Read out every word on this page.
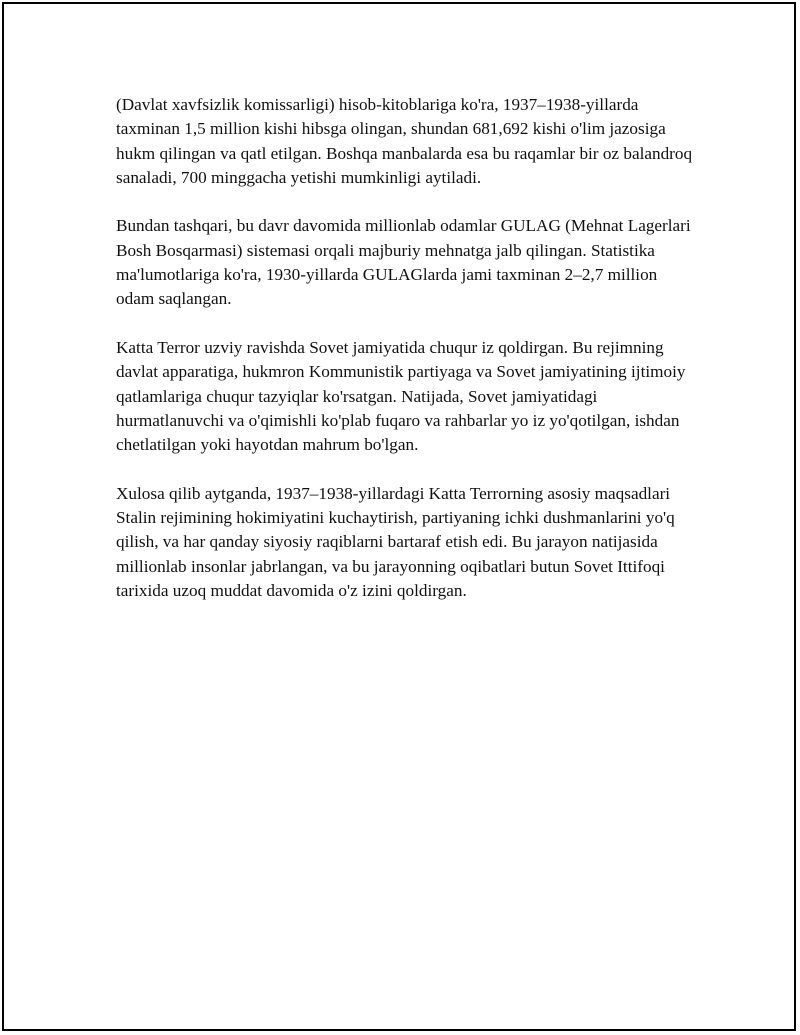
(Davlat xavfsizlik komissarligi) hisob-kitoblariga ko'ra, 1937–1938-yillarda taxminan 1,5 million kishi hibsga olingan, shundan 681,692 kishi o'lim jazosiga hukm qilingan va qatl etilgan. Boshqa manbalarda esa bu raqamlar bir oz balandroq sanaladi, 700 minggacha yetishi mumkinligi aytiladi.

Bundan tashqari, bu davr davomida millionlab odamlar GULAG (Mehnat Lagerlari Bosh Bosqarmasi) sistemasi orqali majburiy mehnatga jalb qilingan. Statistika ma'lumotlariga ko'ra, 1930-yillarda GULAGlarda jami taxminan 2–2,7 million odam saqlangan.

Katta Terror uzviy ravishda Sovet jamiyatida chuqur iz qoldirgan. Bu rejimning davlat apparatiga, hukmron Kommunistik partiyaga va Sovet jamiyatining ijtimoiy qatlamlariga chuqur tazyiqlar ko'rsatgan. Natijada, Sovet jamiyatidagi hurmatlanuvchi va o'qimishli ko'plab fuqaro va rahbarlar yo iz yo'qotilgan, ishdan chetlatilgan yoki hayotdan mahrum bo'lgan.

Xulosa qilib aytganda, 1937–1938-yillardagi Katta Terrorning asosiy maqsadlari Stalin rejimining hokimiyatini kuchaytirish, partiyaning ichki dushmanlarini yo'q qilish, va har qanday siyosiy raqiblarni bartaraf etish edi. Bu jarayon natijasida millionlab insonlar jabrlangan, va bu jarayonning oqibatlari butun Sovet Ittifoqi tarixida uzoq muddat davomida o'z izini qoldirgan.
